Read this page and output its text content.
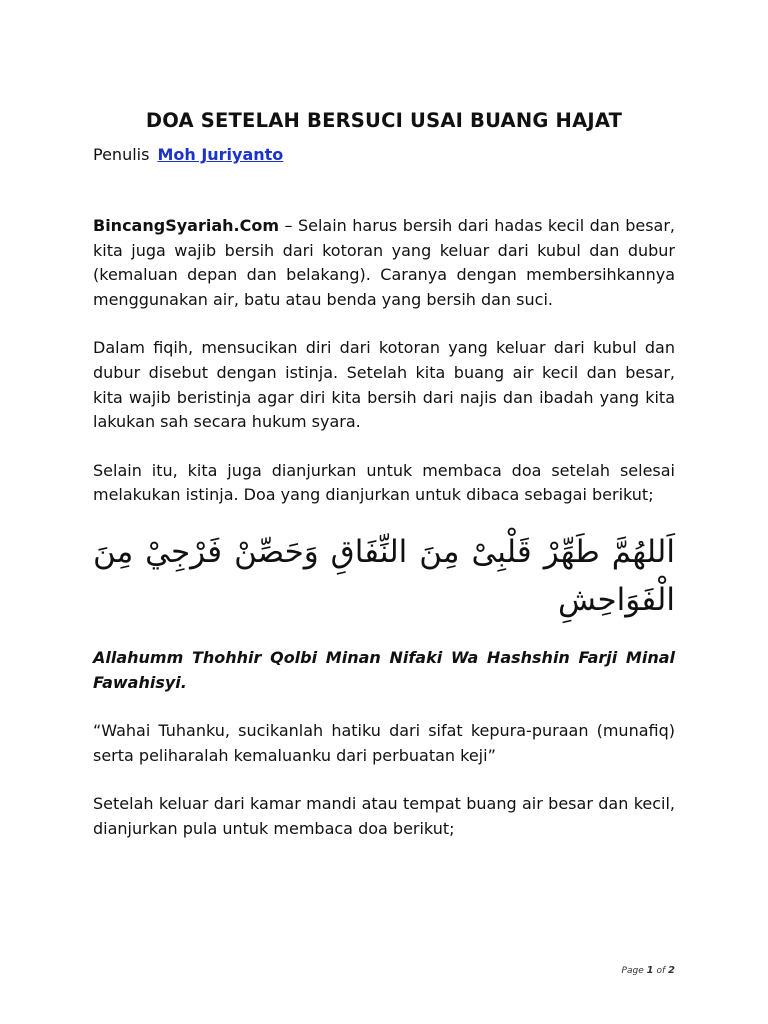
DOA SETELAH BERSUCI USAI BUANG HAJAT

Penulis Moh Juriyanto

BincangSyariah.Com – Selain harus bersih dari hadas kecil dan besar, kita juga wajib bersih dari kotoran yang keluar dari kubul dan dubur (kemaluan depan dan belakang). Caranya dengan membersihkannya menggunakan air, batu atau benda yang bersih dan suci.

Dalam fiqih, mensucikan diri dari kotoran yang keluar dari kubul dan dubur disebut dengan istinja. Setelah kita buang air kecil dan besar, kita wajib beristinja agar diri kita bersih dari najis dan ibadah yang kita lakukan sah secara hukum syara.

Selain itu, kita juga dianjurkan untuk membaca doa setelah selesai melakukan istinja. Doa yang dianjurkan untuk dibaca sebagai berikut;

اَللهُمَّ طَهِّرْ قَلْبِىْ مِنَ النِّفَاقِ وَحَصِّنْ فَرْجِيْ مِنَ الْفَوَاحِشِ

Allahumm Thohhir Qolbi Minan Nifaki Wa Hashshin Farji Minal Fawahisyi.

“Wahai Tuhanku, sucikanlah hatiku dari sifat kepura-puraan (munafiq) serta peliharalah kemaluanku dari perbuatan keji”

Setelah keluar dari kamar mandi atau tempat buang air besar dan kecil, dianjurkan pula untuk membaca doa berikut;

Page 1 of 2
